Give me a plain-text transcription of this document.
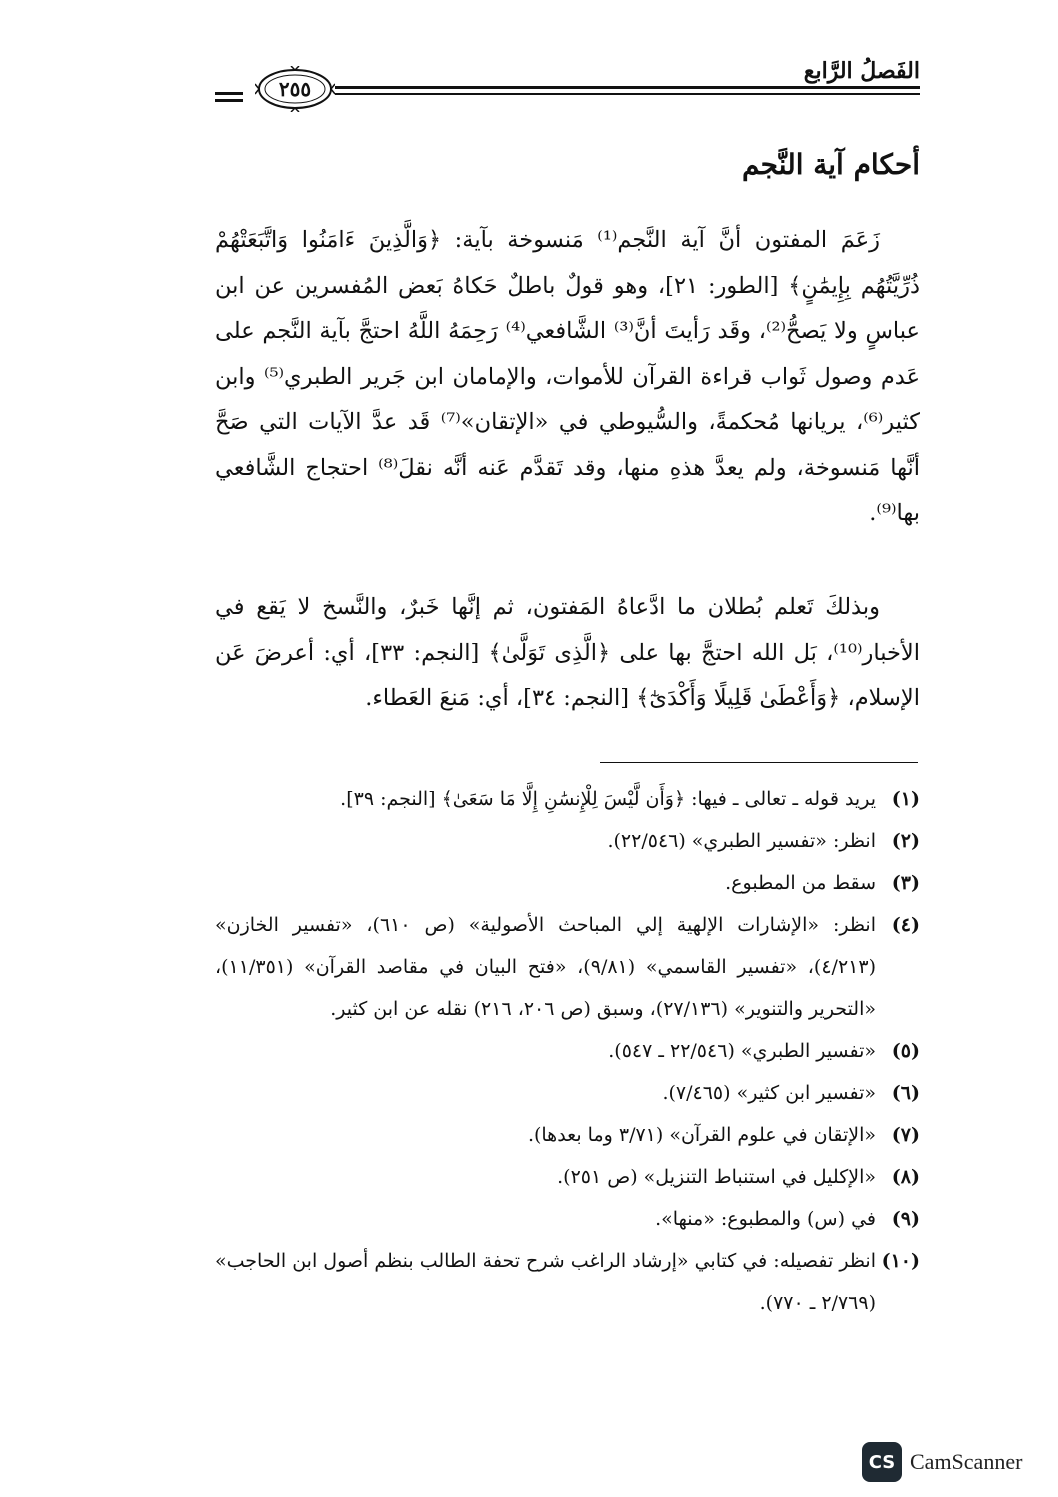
الفَصلُ الرَّابع
٢٥٥
أحكام آية النَّجم

زَعَمَ المفتون أنَّ آية النَّجم⁽¹⁾ مَنسوخة بآية: ﴿وَالَّذِينَ ءَامَنُوا وَاتَّبَعَتْهُمْ ذُرِّيَّتُهُم بِإِيمَٰنٍ﴾ [الطور: ٢١]، وهو قولٌ باطلٌ حَكاهُ بَعض المُفسرين عن ابن عباسٍ ولا يَصحُّ⁽²⁾، وقَد رَأيتَ أنَّ⁽³⁾ الشَّافعي⁽⁴⁾ رَحِمَهُ اللَّهُ احتجَّ بآية النَّجم على عَدم وصول ثَواب قراءة القرآن للأموات، والإمامان ابن جَرير الطبري⁽⁵⁾ وابن كثير⁽⁶⁾، يريانها مُحكمةً، والسُّيوطي في «الإتقان»⁽⁷⁾ قَد عدَّ الآيات التي صَحَّ أنَّها مَنسوخة، ولم يعدَّ هذهِ منها، وقد تَقدَّم عَنه أنَّه نقلَ⁽⁸⁾ احتجاج الشَّافعي بها⁽⁹⁾.

وبذلكَ تَعلم بُطلان ما ادَّعاهُ المَفتون، ثم إنَّها خَبرٌ، والنَّسخ لا يَقع في الأخبار⁽¹⁰⁾، بَل الله احتجَّ بها على ﴿الَّذِى تَوَلَّىٰ﴾ [النجم: ٣٣]، أي: أعرضَ عَن الإسلام، ﴿وَأَعْطَىٰ قَلِيلًا وَأَكْدَىٰٓ﴾ [النجم: ٣٤]، أي: مَنعَ العَطاء.

(١)
يريد قوله ـ تعالى ـ فيها: ﴿وَأَن لَّيْسَ لِلْإِنسَٰنِ إِلَّا مَا سَعَىٰ﴾ [النجم: ٣٩].
(٢)
انظر: «تفسير الطبري» (٢٢/٥٤٦).
(٣)
سقط من المطبوع.
(٤)
انظر: «الإشارات الإلهية إلي المباحث الأصولية» (ص ٦١٠)، «تفسير الخازن» (٤/٢١٣)، «تفسير القاسمي» (٩/٨١)، «فتح البيان في مقاصد القرآن» (١١/٣٥١)، «التحرير والتنوير» (٢٧/١٣٦)، وسبق (ص ٢٠٦، ٢١٦) نقله عن ابن كثير.
(٥)
«تفسير الطبري» (٢٢/٥٤٦ ـ ٥٤٧).
(٦)
«تفسير ابن كثير» (٧/٤٦٥).
(٧)
«الإتقان في علوم القرآن» (٣/٧١ وما بعدها).
(٨)
«الإكليل في استنباط التنزيل» (ص ٢٥١).
(٩)
في (س) والمطبوع: «منها».
(١٠)
انظر تفصيله: في كتابي «إرشاد الراغب شرح تحفة الطالب بنظم أصول ابن الحاجب» (٢/٧٦٩ ـ ٧٧٠).
CS CamScanner
